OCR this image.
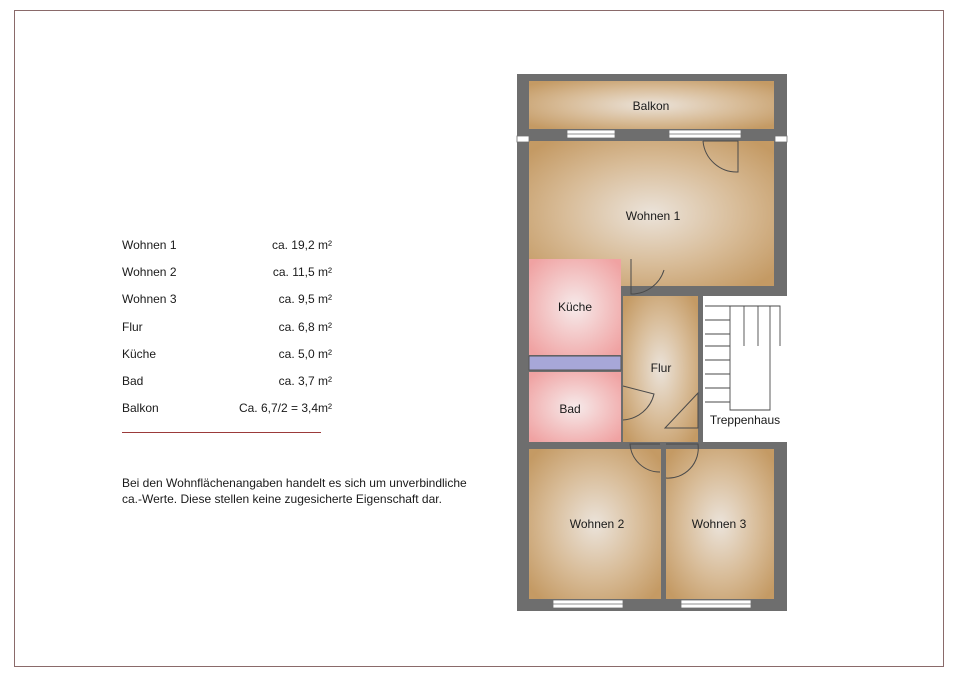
Wohnen 1	ca. 19,2 m²
Wohnen 2	ca. 11,5 m²
Wohnen 3	ca. 9,5 m²
Flur	ca. 6,8 m²
Küche	ca. 5,0 m²
Bad	ca. 3,7 m²
Balkon	Ca. 6,7/2 = 3,4m²
Bei den Wohnflächenangaben handelt es sich um unverbindliche
ca.-Werte. Diese stellen keine zugesicherte Eigenschaft dar.
Balkon
Wohnen 1
Küche
Flur
Bad
Treppenhaus
Wohnen 2	Wohnen 3
